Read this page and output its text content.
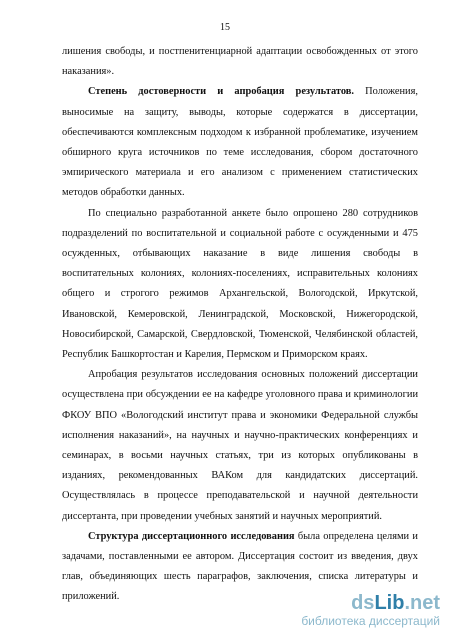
15

лишения свободы, и постпенитенциарной адаптации освобожденных от этого наказания».

Степень достоверности и апробация результатов. Положения, выносимые на защиту, выводы, которые содержатся в диссертации, обеспечиваются комплексным подходом к избранной проблематике, изучением обширного круга источников по теме исследования, сбором достаточного эмпирического материала и его анализом с применением статистических методов обработки данных.

По специально разработанной анкете было опрошено 280 сотрудников подразделений по воспитательной и социальной работе с осужденными и 475 осужденных, отбывающих наказание в виде лишения свободы в воспитательных колониях, колониях-поселениях, исправительных колониях общего и строгого режимов Архангельской, Вологодской, Иркутской, Ивановской, Кемеровской, Ленинградской, Московской, Нижегородской, Новосибирской, Самарской, Свердловской, Тюменской, Челябинской областей, Республик Башкортостан и Карелия, Пермском и Приморском краях.

Апробация результатов исследования основных положений диссертации осуществлена при обсуждении ее на кафедре уголовного права и криминологии ФКОУ ВПО «Вологодский институт права и экономики Федеральной службы исполнения наказаний», на научных и научно-практических конференциях и семинарах, в восьми научных статьях, три из которых опубликованы в изданиях, рекомендованных ВАКом для кандидатских диссертаций. Осуществлялась в процессе преподавательской и научной деятельности диссертанта, при проведении учебных занятий и научных мероприятий.

Структура диссертационного исследования была определена целями и задачами, поставленными ее автором. Диссертация состоит из введения, двух глав, объединяющих шесть параграфов, заключения, списка литературы и приложений.	dsLib.net
библиотека диссертаций
